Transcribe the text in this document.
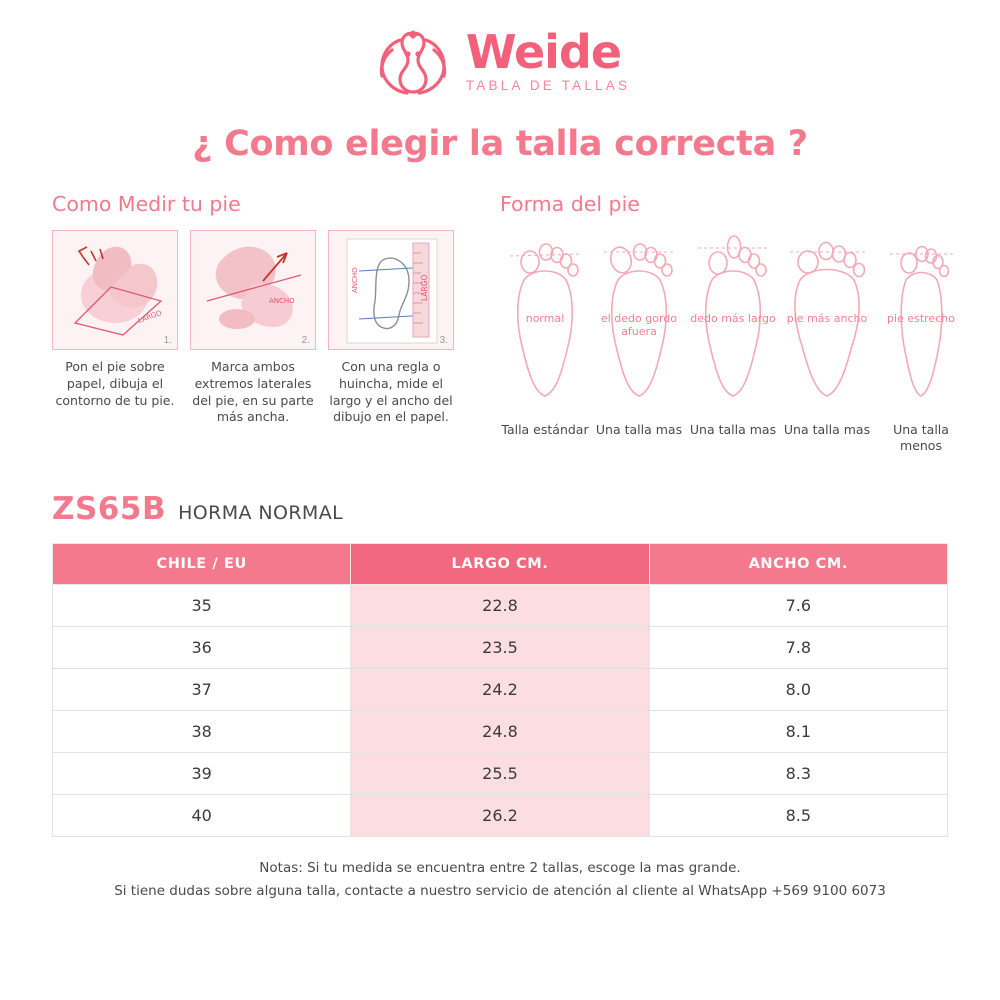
Weide
TABLA DE TALLAS
¿ Como elegir la talla correcta ?
Como Medir tu pie
LARGO
1.
Pon el pie sobre papel, dibuja el contorno de tu pie.
ANCHO
2.
Marca ambos extremos laterales del pie, en su parte más ancha.
LARGO
ANCHO
3.
Con una regla o huincha, mide el largo y el ancho del dibujo en el papel.
Forma del pie
normal
Talla estándar
el dedo gordo afuera
Una talla mas
dedo más largo
Una talla mas
pie más ancho
Una talla mas
pie estrecho
Una talla menos
ZS65B HORMA NORMAL
CHILE / EU	LARGO CM.	ANCHO CM.
35	22.8	7.6
36	23.5	7.8
37	24.2	8.0
38	24.8	8.1
39	25.5	8.3
40	26.2	8.5
Notas: Si tu medida se encuentra entre 2 tallas, escoge la mas grande.
Si tiene dudas sobre alguna talla, contacte a nuestro servicio de atención al cliente al WhatsApp +569 9100 6073
